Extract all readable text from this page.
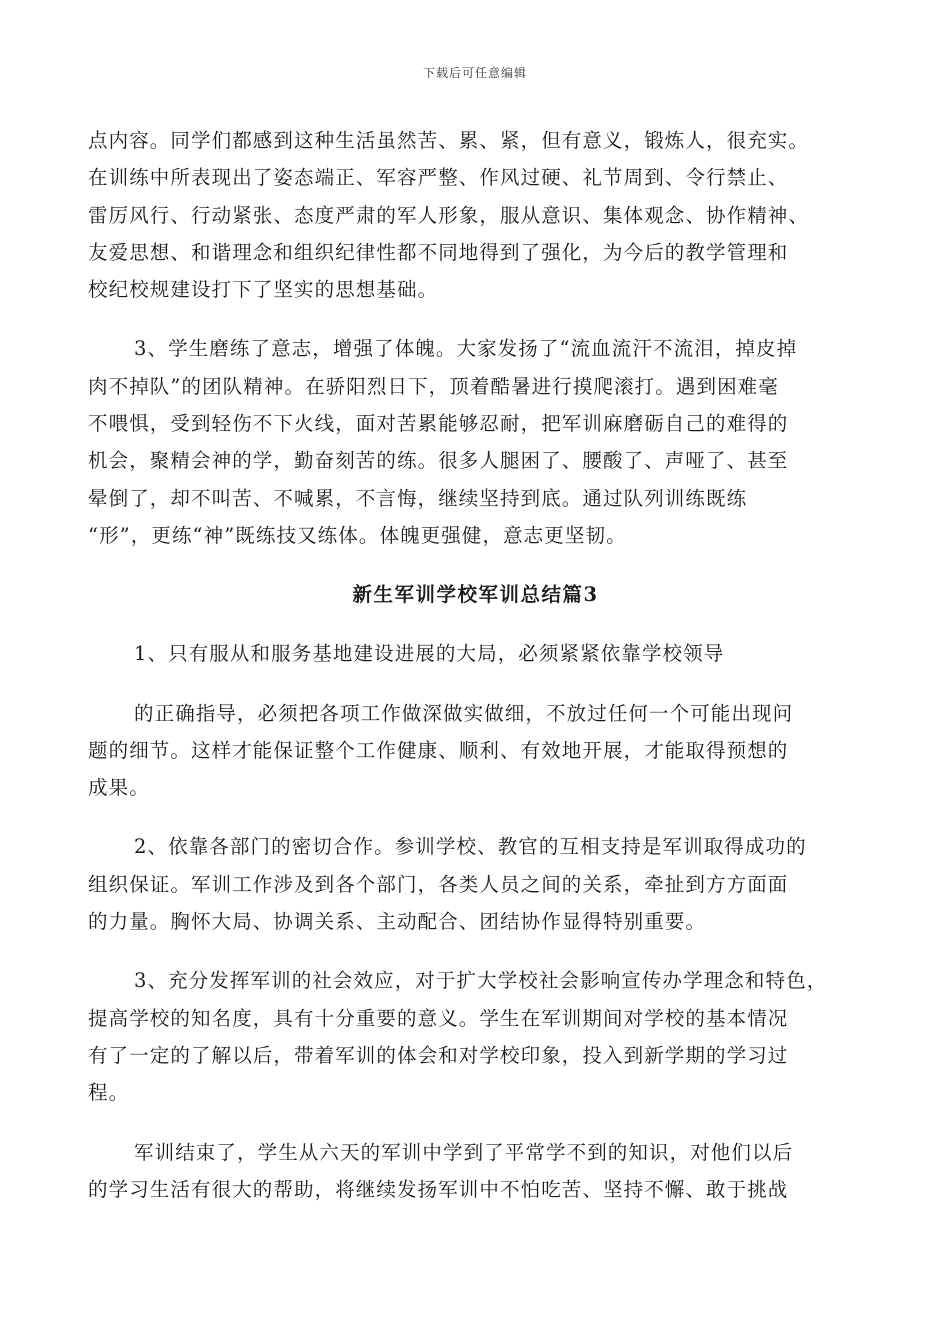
下载后可任意编辑
点内容。同学们都感到这种生活虽然苦、累、紧，但有意义，锻炼人，很充实。
在训练中所表现出了姿态端正、军容严整、作风过硬、礼节周到、令行禁止、
雷厉风行、行动紧张、态度严肃的军人形象，服从意识、集体观念、协作精神、
友爱思想、和谐理念和组织纪律性都不同地得到了强化，为今后的教学管理和
校纪校规建设打下了坚实的思想基础。
3、学生磨练了意志，增强了体魄。大家发扬了“流血流汗不流泪，掉皮掉
肉不掉队”的团队精神。在骄阳烈日下，顶着酷暑进行摸爬滚打。遇到困难毫
不喂惧，受到轻伤不下火线，面对苦累能够忍耐，把军训麻磨砺自己的难得的
机会，聚精会神的学，勤奋刻苦的练。很多人腿困了、腰酸了、声哑了、甚至
晕倒了，却不叫苦、不喊累，不言悔，继续坚持到底。通过队列训练既练
“形”，更练“神”既练技又练体。体魄更强健，意志更坚韧。
新生军训学校军训总结篇3
1、只有服从和服务基地建设进展的大局，必须紧紧依靠学校领导
的正确指导，必须把各项工作做深做实做细，不放过任何一个可能出现问
题的细节。这样才能保证整个工作健康、顺利、有效地开展，才能取得预想的
成果。
2、依靠各部门的密切合作。参训学校、教官的互相支持是军训取得成功的
组织保证。军训工作涉及到各个部门，各类人员之间的关系，牵扯到方方面面
的力量。胸怀大局、协调关系、主动配合、团结协作显得特别重要。
3、充分发挥军训的社会效应，对于扩大学校社会影响宣传办学理念和特色，
提高学校的知名度，具有十分重要的意义。学生在军训期间对学校的基本情况
有了一定的了解以后，带着军训的体会和对学校印象，投入到新学期的学习过
程。
军训结束了，学生从六天的军训中学到了平常学不到的知识，对他们以后
的学习生活有很大的帮助，将继续发扬军训中不怕吃苦、坚持不懈、敢于挑战
